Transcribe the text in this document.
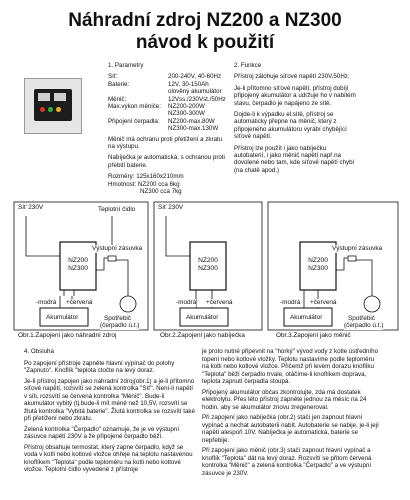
Náhradní zdroj NZ200 a NZ300
návod k použití
1. Parametry
Síť:	200-240V, 40-60Hz
Baterie:	12V, 30-150Ah
olověný akumulátor
Měnič:	12Vss./230Vst./50Hz
Max.výkon měniče:	NZ200-200W
NZ300-300W
Připojení čerpadla:	NZ200-max.80W
NZ300-max.130W

Měnič má ochranu proti přetížení a zkratu na výstupu.

Nabíječka je automatická, s ochranou proti přebití baterie.

Rozměry: 125x160x210mm
Hmotnost: NZ200 cca 6kg
NZ300 cca 7kg
2. Funkce

Přístroj zálohuje síťové napětí 230V,50Hz.

Je-li přítomno síťové napětí, přístroj dobíjí připojený akumulátor a udržuje ho v nabitém stavu, čerpadlo je napájeno ze sítě.

Dojde-li k výpadku el.sítě, přístroj se automaticky přepne na měnič, který z připojeného akumulátoru vyrábí chybějící síťové napětí.

Přístroj lze použít i jako nabíječku autobaterií, i jako měnič napětí např.na dovolené nebo tam, kde síťové napětí chybí (na chatě apod.)

Síť 230V	Teplotní čidlo
Výstupní zásuvka
NZ200
NZ300
-modrá +červená
Akumulátor	Spotřebič
(čerpadlo ú.t.)
Síť 230V
NZ200
NZ300
-modrá +červená
Akumulátor
Výstupní zásuvka
NZ200
NZ300
-modrá +červená
Akumulátor	Spotřebič
(čerpadlo ú.t.)
Obr.1.Zapojení jako náhradní zdroj	Obr.2.Zapojení jako nabíječka	Obr.3.Zapojení jako měnič
4. Obsluha

Po zapojení přístroje zapněte hlavní vypínač do polohy "Zapnuto". Knoflík "teplota ctočte na levý doraz.

Je-li přístroj zapojen jako náhradní zdroj(obr.1) a je-li přítomno síťové napětí, rozsvítí se zelená kontrolka "Síť". Není-li napětí v síti, rozsvítí se červená kontrolka "Měnič". Bude-li akumulátor vybitý (tj.bude-li mít méně než 10,5V, rozsvítí se žlutá kontrolka "Vybitá baterie". Žlutá kontrolka se rozsvítí také při přetížení nebo zkratu.

Zelená kontrolka "Čerpadlo" oznamuje, že je ve výstupní zásuvce napětí 230V a že připojené čerpadlo běží.

Přístroj obsahuje termostat, který zapne čerpadlo, když se voda v kotli nebo kotlové vložce ohřeje na teplotu nastavenou knoflíkem "Teplota" podle teploměru na kotli nebo kotlové vložce. Teplotní čidlo vyvedené z přístroje

je proto nutné připevnit na "horký" vývod vody z kotle ústředního topení nebo kotlové vložky. Teplotu nastavíme podle teploměru na kotli nebo kotlové vložce. Přičemž při levém dorazu knoflíku "Teplota" běží čerpadlo trvale, otáčíme-li knoflíkem doprava, teplota zapnutí čerpadla stoupá.

Připojený akumulátor občas zkontrolujte, zda má dostatek elektrolytu. Přes léto přístroj zapněte jednou za měsíc na 24 hodin, aby se akumulátor znovu zregeneroval.

Při zapojení jako nabíječka (obr.2) stačí jen zapnout hlavní vypínač a nechat autobaterii nabít. Autobaterie se nabije, je-li její napětí alespoň 10V. Nabíječka je automatická, baterie se nepřebije.

Při zapojení jako měnič (obr.3) stačí zapnout hlavní vypínač a knoflík "Teplota" dát na levý doraz. Rozsvítí se přitom červená kontrolka "Měnič" a zelená kontrolka "Čerpadlo" a ve výstupní zásuvce je 230V.
